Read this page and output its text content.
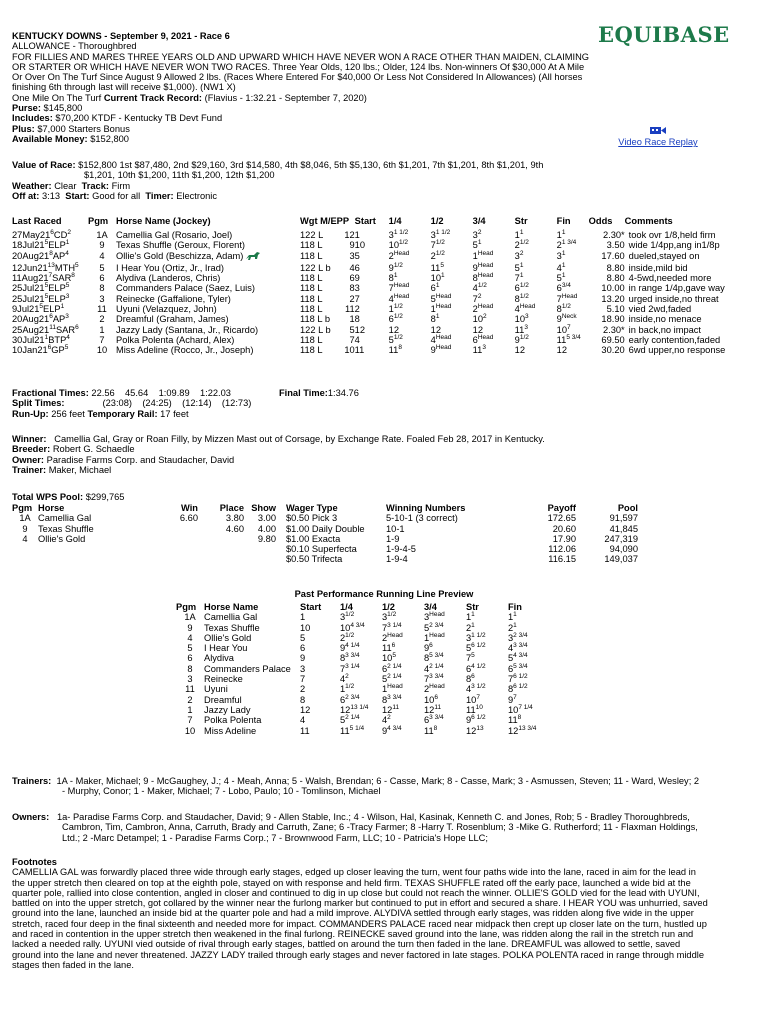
EQUIBASE
Video Race Replay
KENTUCKY DOWNS - September 9, 2021 - Race 6
ALLOWANCE - Thoroughbred
FOR FILLIES AND MARES THREE YEARS OLD AND UPWARD WHICH HAVE NEVER WON A RACE OTHER THAN MAIDEN, CLAIMING OR STARTER OR WHICH HAVE NEVER WON TWO RACES. Three Year Olds, 120 lbs.; Older, 124 lbs. Non-winners Of $30,000 At A Mile Or Over On The Turf Since August 9 Allowed 2 lbs. (Races Where Entered For $40,000 Or Less Not Considered In Allowances) (All horses finishing 6th through last will receive $1,000). (NW1 X)
One Mile On The Turf Current Track Record: (Flavius - 1:32.21 - September 7, 2020)
Purse: $145,800
Includes: $70,200 KTDF - Kentucky TB Devt Fund
Plus: $7,000 Starters Bonus
Available Money: $152,800
Value of Race: $152,800 1st $87,480, 2nd $29,160, 3rd $14,580, 4th $8,046, 5th $5,130, 6th $1,201, 7th $1,201, 8th $1,201, 9th
$1,201, 10th $1,200, 11th $1,200, 12th $1,200
Weather: Clear Track: Firm
Off at: 3:13 Start: Good for all Timer: Electronic
Last Raced	Pgm	Horse Name (Jockey)	Wgt M/E	PP	Start	1/4	1/2	3/4	Str	Fin	Odds	Comments
$27May21^6CD^2$	1A	Camellia Gal (Rosario, Joel)	122 L	12	1	$3^{1 1/2}$	$3^{1 1/2}$	$3^2$	$1^1$	$1^1$	2.30*	took ovr 1/8,held firm
$18Jul21^5ELP^1$	9	Texas Shuffle (Geroux, Florent)	118 L	9	10	$10^{1/2}$	$7^{1/2}$	$5^1$	$2^{1/2}$	$2^{1 3/4}$	3.50	wide 1/4pp,ang in1/8p
$20Aug21^8AP^4$	4	Ollie's Gold (Beschizza, Adam)	118 L	3	5	$2^{Head}$	$2^{1/2}$	$1^{Head}$	$3^2$	$3^1$	17.60	dueled,stayed on
$12Jun21^{13}MTH^5$	5	I Hear You (Ortiz, Jr., Irad)	122 L b	4	6	$9^{1/2}$	$11^5$	$9^{Head}$	$5^1$	$4^1$	8.80	inside,mild bid
$11Aug21^7SAR^8$	6	Alydiva (Landeros, Chris)	118 L	6	9	$8^1$	$10^1$	$8^{Head}$	$7^1$	$5^1$	8.80	4-5wd,needed more
$25Jul21^5ELP^5$	8	Commanders Palace (Saez, Luis)	118 L	8	3	$7^{Head}$	$6^1$	$4^{1/2}$	$6^{1/2}$	$6^{3/4}$	10.00	in range 1/4p,gave way
$25Jul21^5ELP^3$	3	Reinecke (Gaffalione, Tyler)	118 L	2	7	$4^{Head}$	$5^{Head}$	$7^2$	$8^{1/2}$	$7^{Head}$	13.20	urged inside,no threat
$9Jul21^5ELP^1$	11	Uyuni (Velazquez, John)	118 L	11	2	$1^{1/2}$	$1^{Head}$	$2^{Head}$	$4^{Head}$	$8^{1/2}$	5.10	vied 2wd,faded
$20Aug21^6AP^3$	2	Dreamful (Graham, James)	118 L b	1	8	$6^{1/2}$	$8^1$	$10^2$	$10^3$	$9^{Neck}$	18.90	inside,no menace
$25Aug21^{11}SAR^6$	1	Jazzy Lady (Santana, Jr., Ricardo)	122 L b	5	12	12	12	12	$11^3$	$10^7$	2.30*	in back,no impact
$30Jul21^1BTP^4$	7	Polka Polenta (Achard, Alex)	118 L	7	4	$5^{1/2}$	$4^{Head}$	$6^{Head}$	$9^{1/2}$	$11^{5 3/4}$	69.50	early contention,faded
$10Jan21^6GP^5$	10	Miss Adeline (Rocco, Jr., Joseph)	118 L	10	11	$11^8$	$9^{Head}$	$11^3$	12	12	30.20	6wd upper,no response
Fractional Times: 22.56    45.64    1:09.89    1:22.03	Final Time:1:34.76
Split Times:	(23:08)    (24:25)    (12:14)    (12:73)
Run-Up: 256 feet Temporary Rail: 17 feet
Winner: Camellia Gal, Gray or Roan Filly, by Mizzen Mast out of Corsage, by Exchange Rate. Foaled Feb 28, 2017 in Kentucky.
Breeder: Robert G. Schaedle
Owner: Paradise Farms Corp. and Staudacher, David
Trainer: Maker, Michael
Total WPS Pool: $299,765
Pgm	Horse	Win	Place	Show
1A	Camellia Gal	6.60	3.80	3.00
9	Texas Shuffle		4.60	4.00
4	Ollie's Gold			9.80
Wager Type	Winning Numbers	Payoff	Pool
$0.50 Pick 3	5-10-1 (3 correct)	172.65	91,597
$1.00 Daily Double	10-1	20.60	41,845
$1.00 Exacta	1-9	17.90	247,319
$0.10 Superfecta	1-9-4-5	112.06	94,090
$0.50 Trifecta	1-9-4	116.15	149,037
Past Performance Running Line Preview
Pgm	Horse Name	Start	1/4	1/2	3/4	Str	Fin
1A	Camellia Gal	1	$3^{1/2}$	$3^{1/2}$	$3^{Head}$	$1^1$	$1^1$
9	Texas Shuffle	10	$10^{4 3/4}$	$7^{3 1/4}$	$5^{2 3/4}$	$2^1$	$2^1$
4	Ollie's Gold	5	$2^{1/2}$	$2^{Head}$	$1^{Head}$	$3^{1 1/2}$	$3^{2 3/4}$
5	I Hear You	6	$9^{4 1/4}$	$11^6$	$9^6$	$5^{6 1/2}$	$4^{3 3/4}$
6	Alydiva	9	$8^{3 3/4}$	$10^5$	$8^{5 3/4}$	$7^5$	$5^{4 3/4}$
8	Commanders Palace	3	$7^{3 1/4}$	$6^{2 1/4}$	$4^{2 1/4}$	$6^{4 1/2}$	$6^{5 3/4}$
3	Reinecke	7	$4^2$	$5^{2 1/4}$	$7^{3 3/4}$	$8^6$	$7^{6 1/2}$
11	Uyuni	2	$1^{1/2}$	$1^{Head}$	$2^{Head}$	$4^{3 1/2}$	$8^{6 1/2}$
2	Dreamful	8	$6^{2 3/4}$	$8^{3 3/4}$	$10^6$	$10^7$	$9^7$
1	Jazzy Lady	12	$12^{13 1/4}$	$12^{11}$	$12^{11}$	$11^{10}$	$10^{7 1/4}$
7	Polka Polenta	4	$5^{2 1/4}$	$4^2$	$6^{3 3/4}$	$9^{6 1/2}$	$11^8$
10	Miss Adeline	11	$11^{5 1/4}$	$9^{4 3/4}$	$11^8$	$12^{13}$	$12^{13 3/4}$
Trainers: 1A - Maker, Michael; 9 - McGaughey, J.; 4 - Meah, Anna; 5 - Walsh, Brendan; 6 - Casse, Mark; 8 - Casse, Mark; 3 - Asmussen, Steven; 11 - Ward, Wesley; 2 - Murphy, Conor; 1 - Maker, Michael; 7 - Lobo, Paulo; 10 - Tomlinson, Michael
Owners: 1a- Paradise Farms Corp. and Staudacher, David; 9 - Allen Stable, Inc.; 4 - Wilson, Hal, Kasinak, Kenneth C. and Jones, Rob; 5 - Bradley Thoroughbreds, Cambron, Tim, Cambron, Anna, Carruth, Brady and Carruth, Zane; 6 -Tracy Farmer; 8 -Harry T. Rosenblum; 3 -Mike G. Rutherford; 11 - Flaxman Holdings, Ltd.; 2 -Marc Detampel; 1 - Paradise Farms Corp.; 7 - Brownwood Farm, LLC; 10 - Patricia's Hope LLC;
Footnotes
CAMELLIA GAL was forwardly placed three wide through early stages, edged up closer leaving the turn, went four paths wide into the lane, raced in aim for the lead in the upper stretch then cleared on top at the eighth pole, stayed on with response and held firm. TEXAS SHUFFLE rated off the early pace, launched a wide bid at the quarter pole, rallied into close contention, angled in closer and continued to dig in up close but could not reach the winner. OLLIE'S GOLD vied for the lead with UYUNI, battled on into the upper stretch, got collared by the winner near the furlong marker but continued to put in effort and secured a share. I HEAR YOU was unhurried, saved ground into the lane, launched an inside bid at the quarter pole and had a mild improve. ALYDIVA settled through early stages, was ridden along five wide in the upper stretch, raced four deep in the final sixteenth and needed more for impact. COMMANDERS PALACE raced near midpack then crept up closer late on the turn, hustled up and raced in contention in the upper stretch then weakened in the final furlong. REINECKE saved ground into the lane, was ridden along the rail in the stretch run and lacked a needed rally. UYUNI vied outside of rival through early stages, battled on around the turn then faded in the lane. DREAMFUL was allowed to settle, saved ground into the lane and never threatened. JAZZY LADY trailed through early stages and never factored in late stages. POLKA POLENTA raced in range through middle stages then faded in the lane.
